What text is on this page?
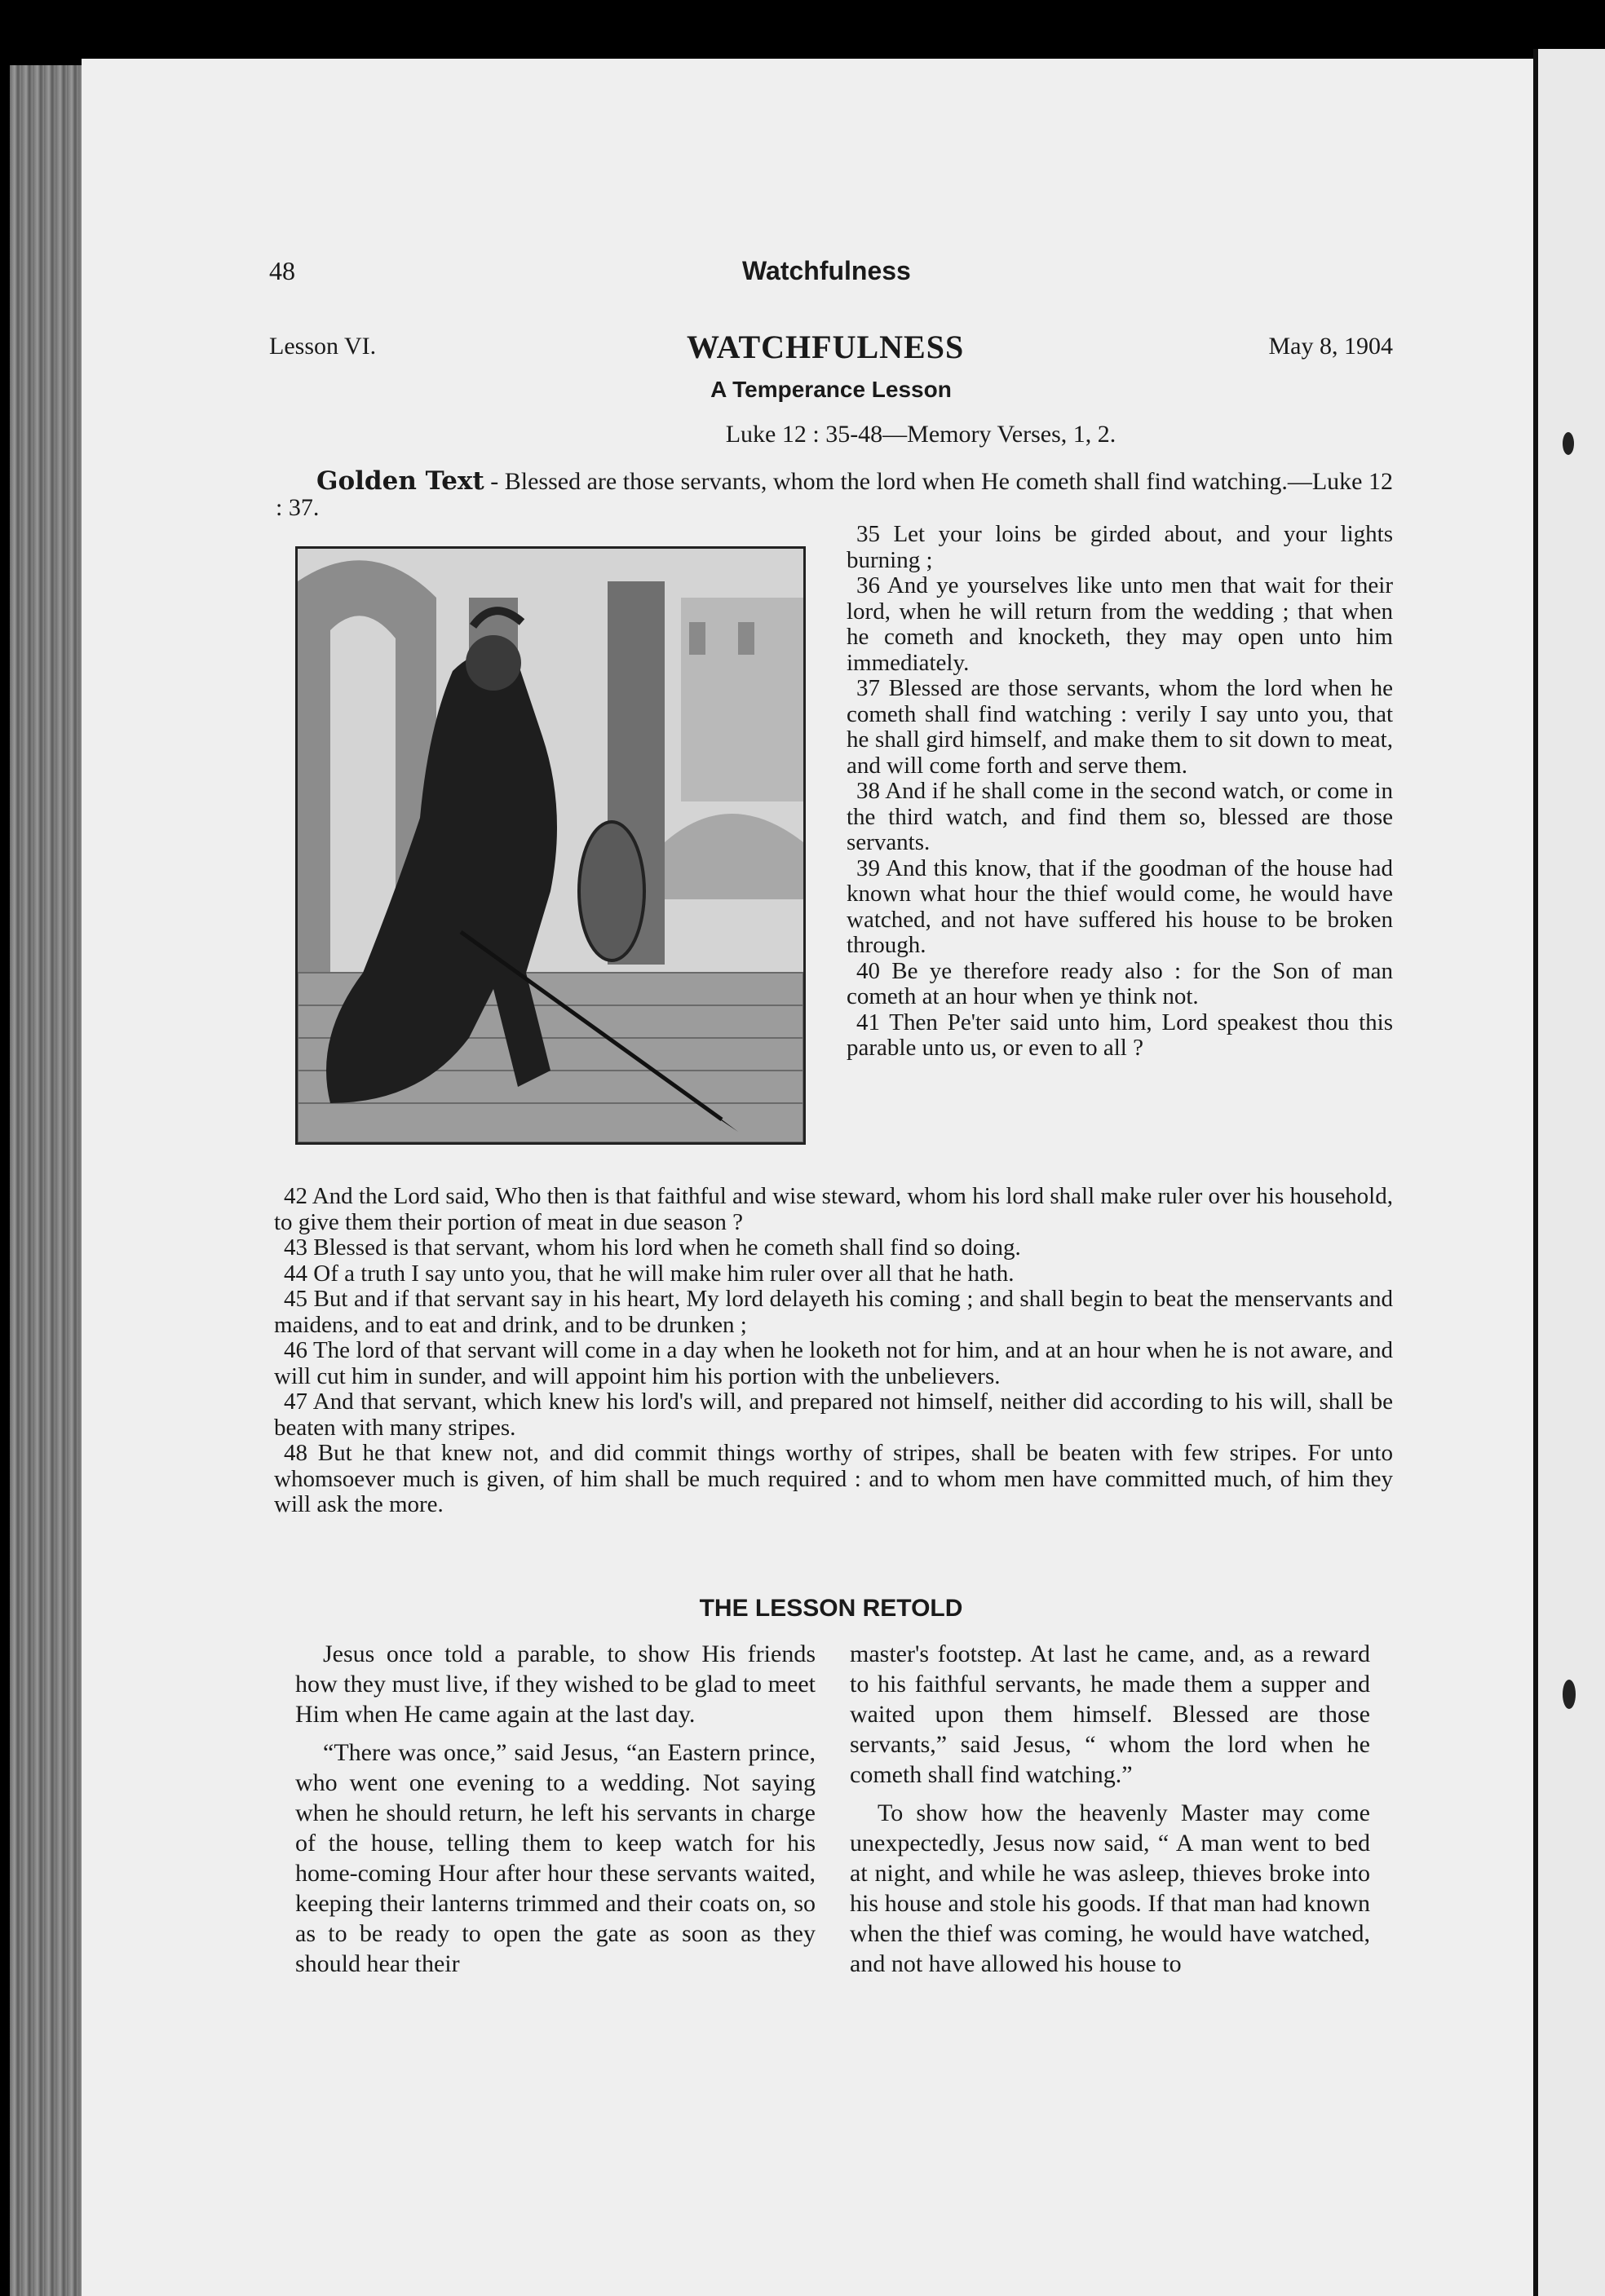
48	Watchfulness
Lesson VI.	WATCHFULNESS	May 8, 1904
A Temperance Lesson
Luke 12 : 35-48—Memory Verses, 1, 2.
Golden Text - Blessed are those servants, whom the lord when He cometh shall find watching.—Luke 12 : 37.

35 Let your loins be girded about, and your lights burning ;

36 And ye yourselves like unto men that wait for their lord, when he will return from the wedding ; that when he cometh and knocketh, they may open unto him immediately.

37 Blessed are those servants, whom the lord when he cometh shall find watching : verily I say unto you, that he shall gird himself, and make them to sit down to meat, and will come forth and serve them.

38 And if he shall come in the second watch, or come in the third watch, and find them so, blessed are those servants.

39 And this know, that if the goodman of the house had known what hour the thief would come, he would have watched, and not have suffered his house to be broken through.

40 Be ye therefore ready also : for the Son of man cometh at an hour when ye think not.

41 Then Pe'ter said unto him, Lord speakest thou this parable unto us, or even to all ?

42 And the Lord said, Who then is that faithful and wise steward, whom his lord shall make ruler over his household, to give them their portion of meat in due season ?

43 Blessed is that servant, whom his lord when he cometh shall find so doing.

44 Of a truth I say unto you, that he will make him ruler over all that he hath.

45 But and if that servant say in his heart, My lord delayeth his coming ; and shall begin to beat the menservants and maidens, and to eat and drink, and to be drunken ;

46 The lord of that servant will come in a day when he looketh not for him, and at an hour when he is not aware, and will cut him in sunder, and will appoint him his portion with the unbelievers.

47 And that servant, which knew his lord's will, and prepared not himself, neither did according to his will, shall be beaten with many stripes.

48 But he that knew not, and did commit things worthy of stripes, shall be beaten with few stripes. For unto whomsoever much is given, of him shall be much required : and to whom men have committed much, of him they will ask the more.

THE LESSON RETOLD

Jesus once told a parable, to show His friends how they must live, if they wished to be glad to meet Him when He came again at the last day.

“There was once,” said Jesus, “an Eastern prince, who went one evening to a wedding. Not saying when he should return, he left his servants in charge of the house, telling them to keep watch for his home-coming Hour after hour these servants waited, keeping their lanterns trimmed and their coats on, so as to be ready to open the gate as soon as they should hear their

master's footstep. At last he came, and, as a reward to his faithful servants, he made them a supper and waited upon them himself. Blessed are those servants,” said Jesus, “ whom the lord when he cometh shall find watching.”

To show how the heavenly Master may come unexpectedly, Jesus now said, “ A man went to bed at night, and while he was asleep, thieves broke into his house and stole his goods. If that man had known when the thief was coming, he would have watched, and not have allowed his house to
